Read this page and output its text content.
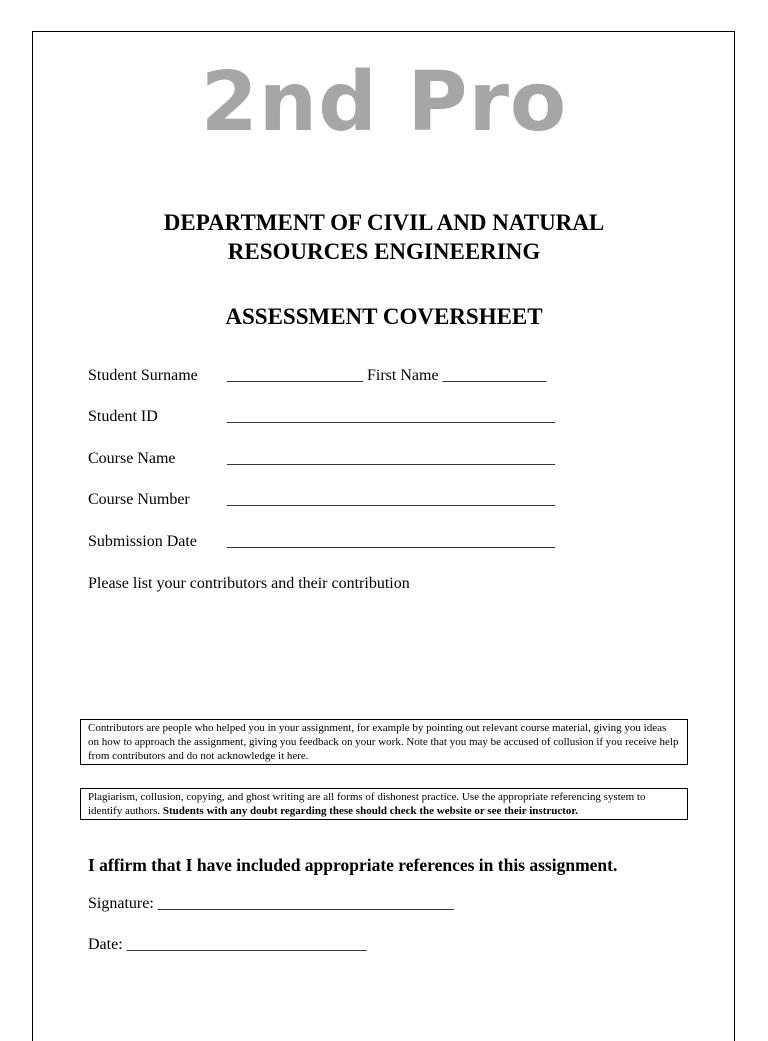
2nd Pro
DEPARTMENT OF CIVIL AND NATURAL
RESOURCES ENGINEERING
ASSESSMENT COVERSHEET
Student Surname _________________ First Name _____________
Student ID	_________________________________________
Course Name	_________________________________________
Course Number _________________________________________
Submission Date _________________________________________
Please list your contributors and their contribution
Contributors are people who helped you in your assignment, for example by pointing out relevant course material, giving you ideas on how to approach the assignment, giving you feedback on your work. Note that you may be accused of collusion if you receive help from contributors and do not acknowledge it here.
Plagiarism, collusion, copying, and ghost writing are all forms of dishonest practice. Use the appropriate referencing system to identify authors. Students with any doubt regarding these should check the website or see their instructor.
I affirm that I have included appropriate references in this assignment.
Signature: _____________________________________
Date: ______________________________
